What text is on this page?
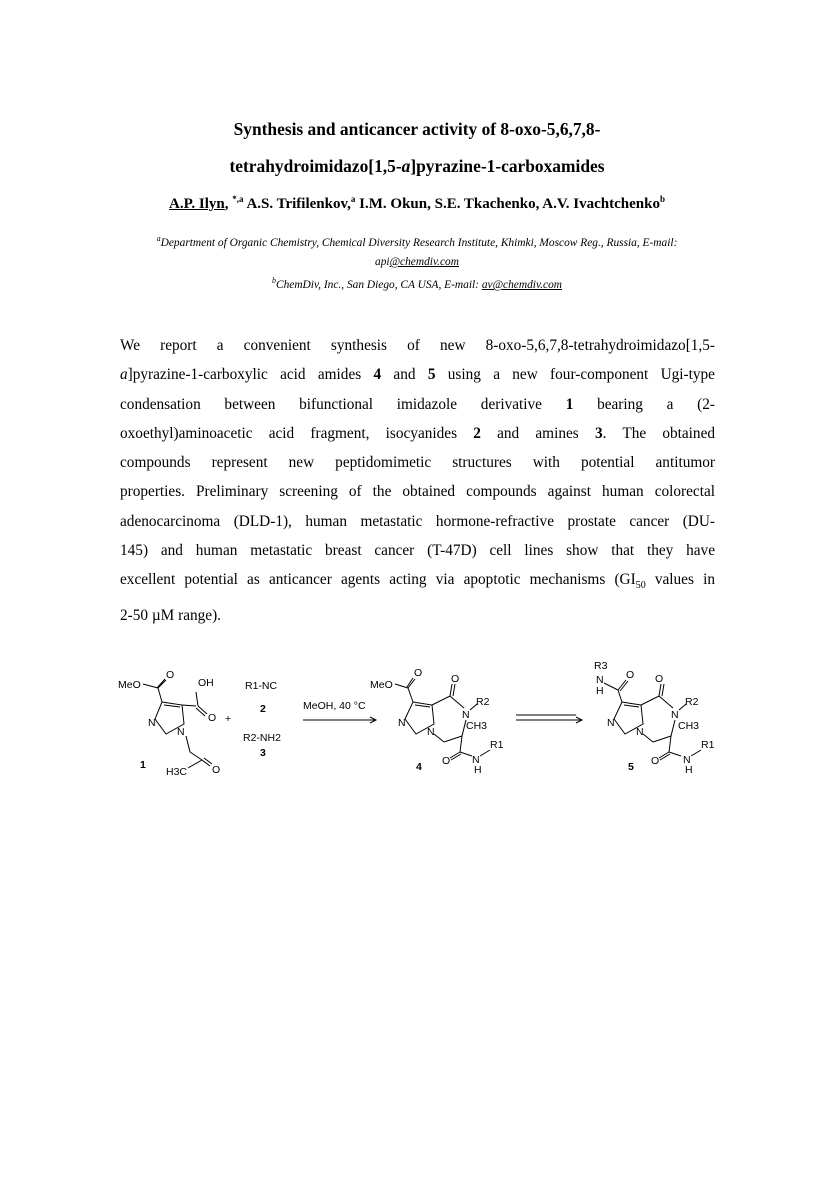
Synthesis and anticancer activity of 8-oxo-5,6,7,8-
tetrahydroimidazo[1,5-a]pyrazine-1-carboxamides
A.P. Ilyn, $^{*,a}$ A.S. Trifilenkov,$^a$ I.M. Okun, S.E. Tkachenko, A.V. Ivachtchenko$^b$
$^a$Department of Organic Chemistry, Chemical Diversity Research Institute, Khimki, Moscow Reg., Russia, E-mail:
api@chemdiv.com
$^b$ChemDiv, Inc., San Diego, CA USA, E-mail: av@chemdiv.com

We report a convenient synthesis of new 8-oxo-5,6,7,8-tetrahydroimidazo[1,5-

a]pyrazine-1-carboxylic acid amides 4 and 5 using a new four-component Ugi-type

condensation between bifunctional imidazole derivative 1 bearing a (2-

oxoethyl)aminoacetic acid fragment, isocyanides 2 and amines 3. The obtained

compounds represent new peptidomimetic structures with potential antitumor

properties. Preliminary screening of the obtained compounds against human colorectal

adenocarcinoma (DLD-1), human metastatic hormone-refractive prostate cancer (DU-

145) and human metastatic breast cancer (T-47D) cell lines show that they have

excellent potential as anticancer agents acting via apoptotic mechanisms ($GI_{50}$ values in

2-50 µM range).

MeO
O
OH
O
N
N
O
H3C
1
+
R1-NC
2
R2-NH2
3
MeOH, 40 °C
MeO
O
N
N
O
N
R2
CH3
O N
H
R1
4
R3
N
H
O
N
N
O
N
R2
CH3
O N
H
R1
5
